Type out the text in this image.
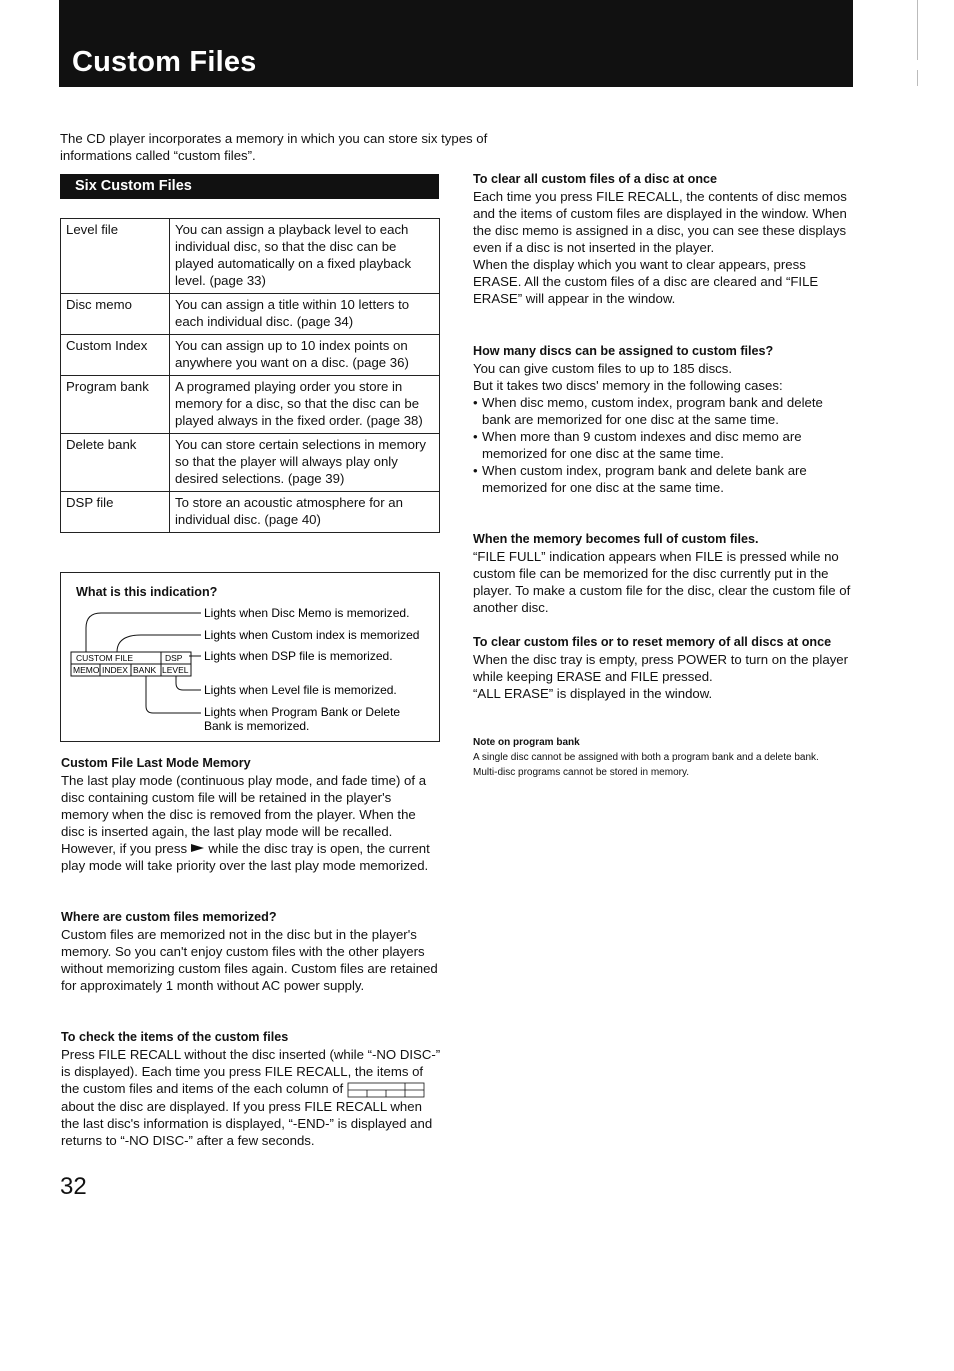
Custom Files

The CD player incorporates a memory in which you can store six types of informations called “custom files”.

Six Custom Files
Level file	You can assign a playback level to each individual disc, so that the disc can be played automatically on a fixed playback level. (page 33)
Disc memo	You can assign a title within 10 letters to each individual disc. (page 34)
Custom Index	You can assign up to 10 index points on anywhere you want on a disc. (page 36)
Program bank	A programed playing order you store in memory for a disc, so that the disc can be played always in the fixed order. (page 38)
Delete bank	You can store certain selections in memory so that the player will always play only desired selections. (page 39)
DSP file	To store an acoustic atmosphere for an individual disc. (page 40)
CUSTOM FILE	DSP
MEMO INDEX BANK LEVEL
Lights when Disc Memo is memorized.
Lights when Custom index is memorized
Lights when DSP file is memorized.
Lights when Level file is memorized.
Lights when Program Bank or Delete
Bank is memorized.

What is this indication?

Custom File Last Mode Memory

The last play mode (continuous play mode, and fade time) of a disc containing custom file will be retained in the player's memory when the disc is removed from the player. When the disc is inserted again, the last play mode will be recalled. However, if you press while the disc tray is open, the current play mode will take priority over the last play mode memorized.

Where are custom files memorized?

Custom files are memorized not in the disc but in the player's memory. So you can't enjoy custom files with the other players without memorizing custom files again. Custom files are retained for approximately 1 month without AC power supply.

To check the items of the custom files

Press FILE RECALL without the disc inserted (while “-NO DISC-” is displayed). Each time you press FILE RECALL, the items of the custom files and items of the each column of  about the disc are displayed. If you press FILE RECALL when the last disc's information is displayed, “-END-” is displayed and returns to “-NO DISC-” after a few seconds.

32

To clear all custom files of a disc at once

Each time you press FILE RECALL, the contents of disc memos and the items of custom files are displayed in the window. When the disc memo is assigned in a disc, you can see these displays even if a disc is not inserted in the player.

When the display which you want to clear appears, press ERASE. All the custom files of a disc are cleared and “FILE ERASE” will appear in the window.

How many discs can be assigned to custom files?

You can give custom files to up to 185 discs.

But it takes two discs' memory in the following cases:

• When disc memo, custom index, program bank and delete bank are memorized for one disc at the same time.
• When more than 9 custom indexes and disc memo are memorized for one disc at the same time.
• When custom index, program bank and delete bank are memorized for one disc at the same time.

When the memory becomes full of custom files.

“FILE FULL” indication appears when FILE is pressed while no custom file can be memorized for the disc currently put in the player. To make a custom file for the disc, clear the custom file of another disc.

To clear custom files or to reset memory of all discs at once

When the disc tray is empty, press POWER to turn on the player while keeping ERASE and FILE pressed.

“ALL ERASE” is displayed in the window.

Note on program bank

A single disc cannot be assigned with both a program bank and a delete bank. Multi-disc programs cannot be stored in memory.
